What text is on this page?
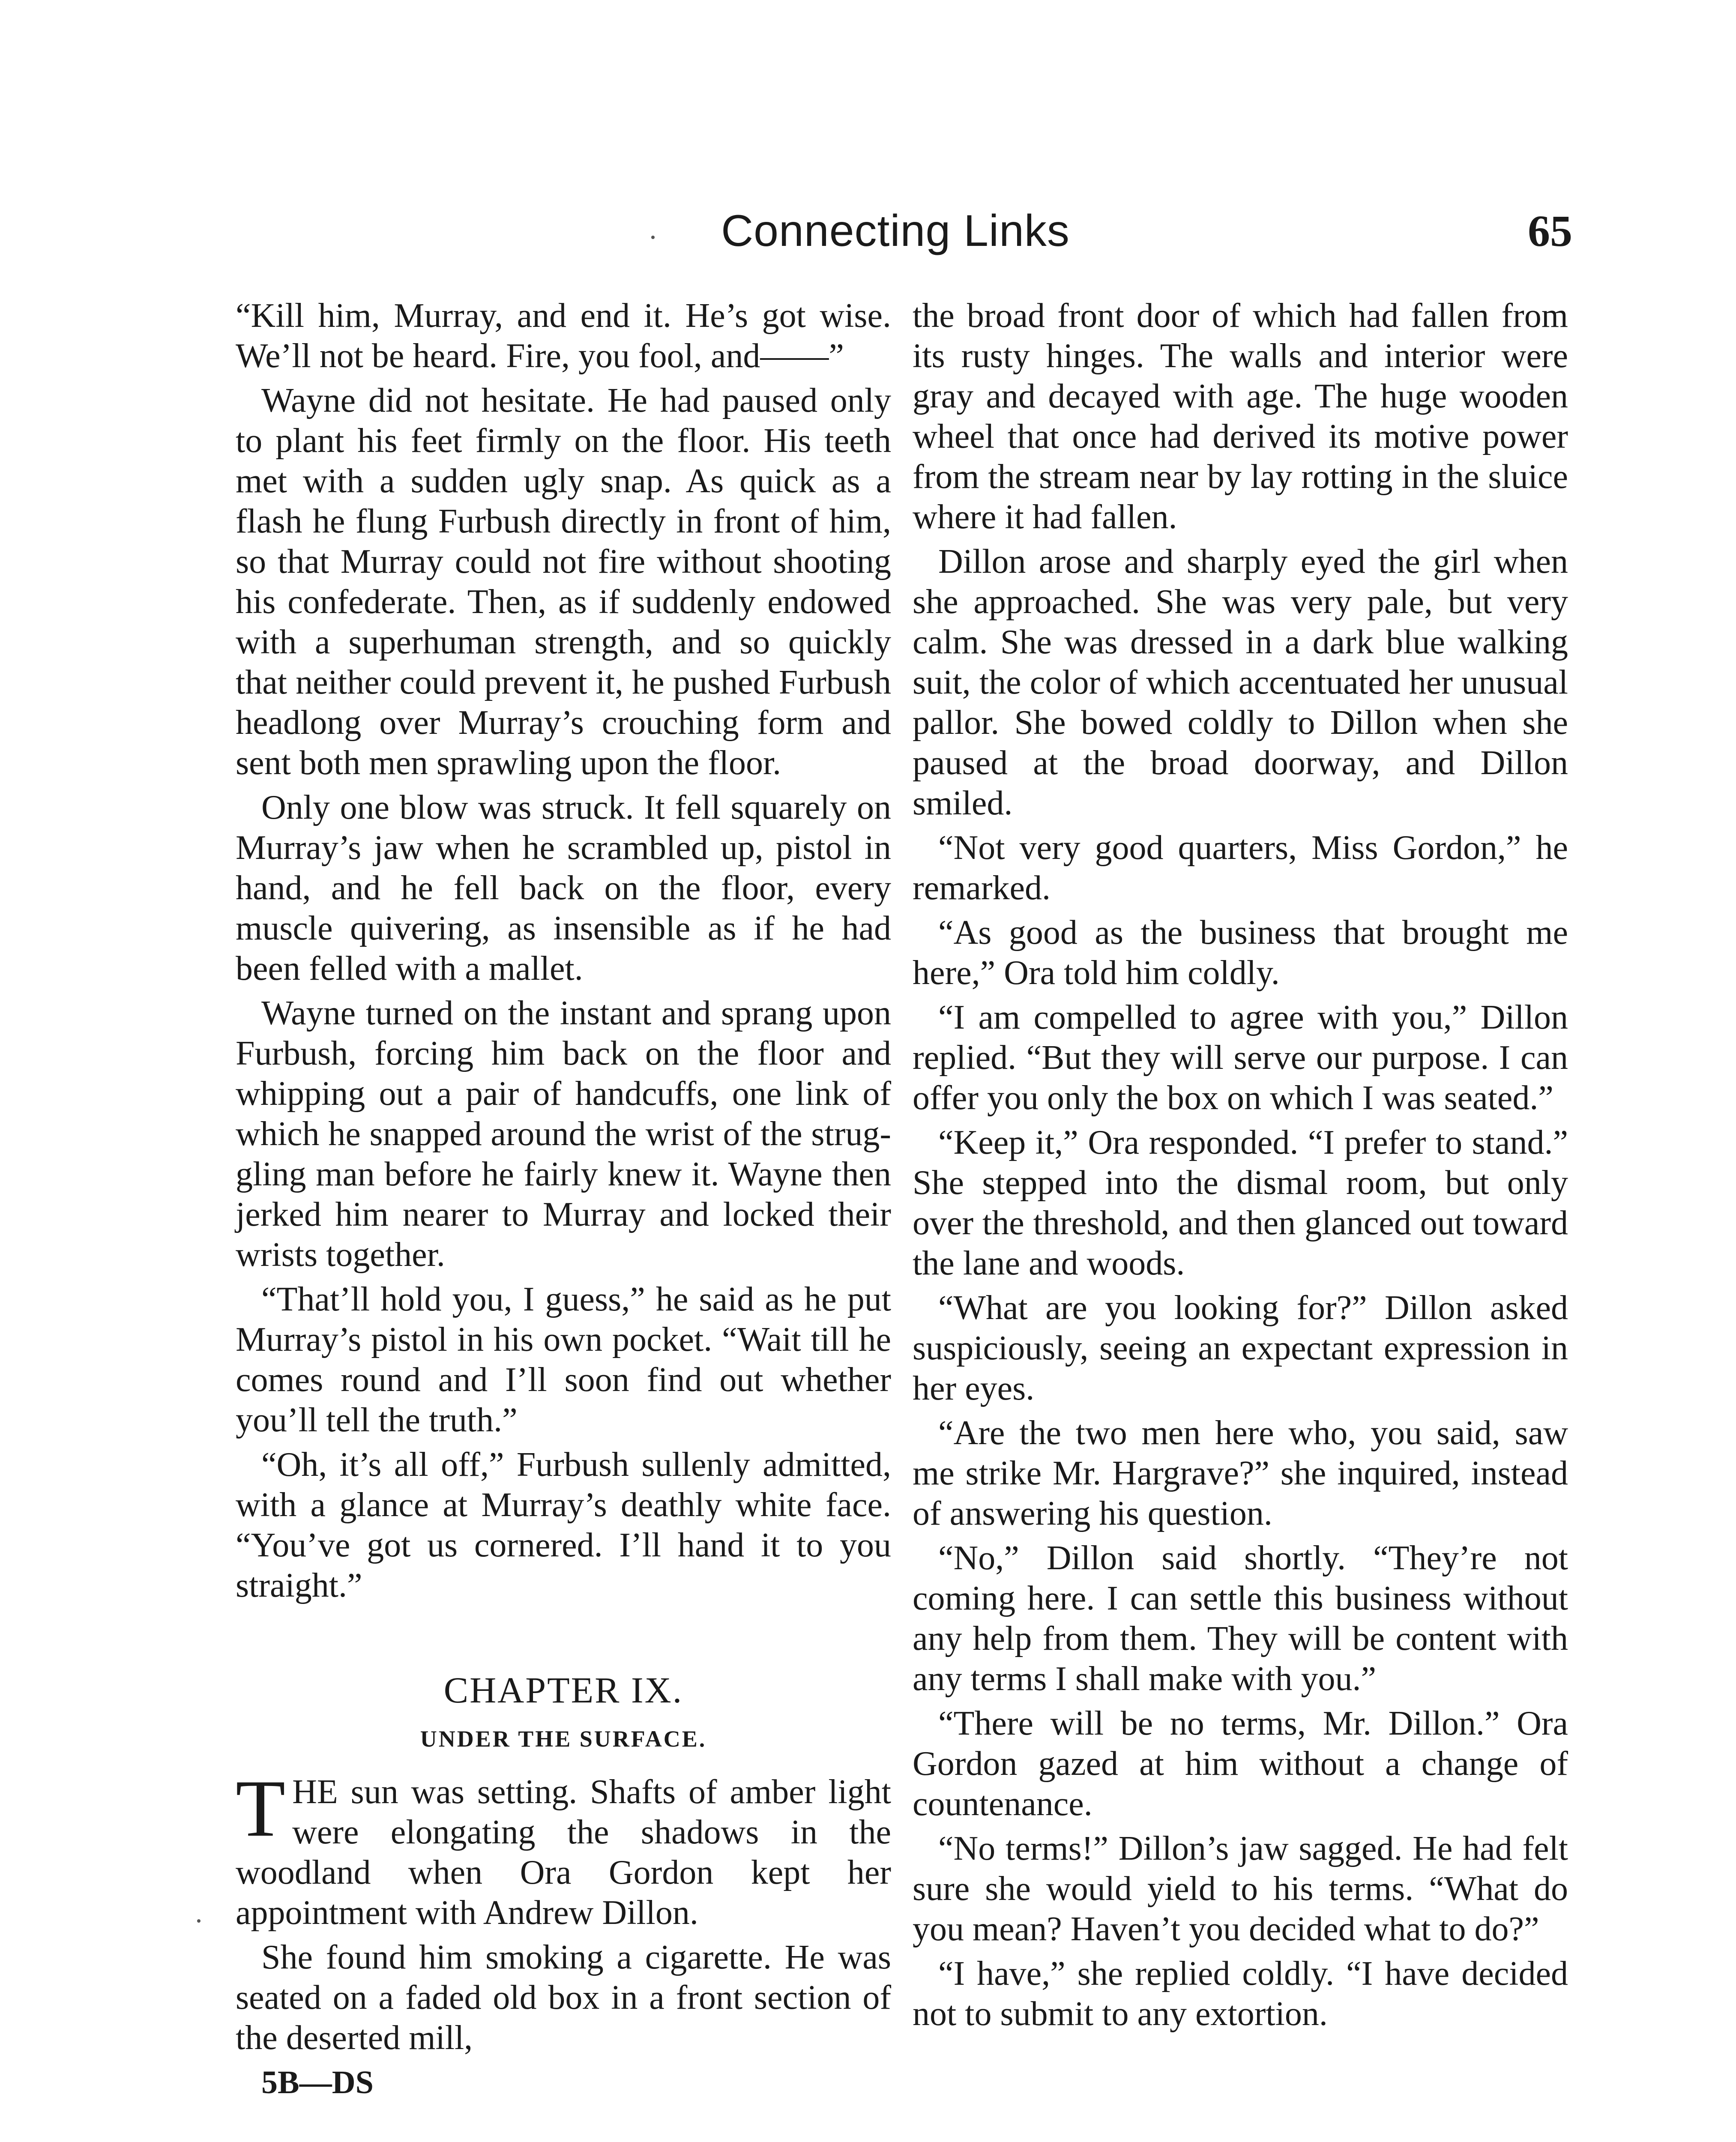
Connecting Links	65

“Kill him, Murray, and end it. He’s got wise. We’ll not be heard. Fire, you fool, and——”

Wayne did not hesitate. He had paused only to plant his feet firmly on the floor. His teeth met with a sudden ugly snap. As quick as a flash he flung Furbush directly in front of him, so that Murray could not fire without shooting his confederate. Then, as if suddenly endowed with a superhuman strength, and so quickly that neither could prevent it, he pushed Furbush headlong over Murray’s crouching form and sent both men sprawling upon the floor.

Only one blow was struck. It fell squarely on Murray’s jaw when he scrambled up, pistol in hand, and he fell back on the floor, every muscle quivering, as insensible as if he had been felled with a mallet.

Wayne turned on the instant and sprang upon Furbush, forcing him back on the floor and whipping out a pair of handcuffs, one link of which he snapped around the wrist of the struggling man before he fairly knew it. Wayne then jerked him nearer to Murray and locked their wrists together.

“That’ll hold you, I guess,” he said as he put Murray’s pistol in his own pocket. “Wait till he comes round and I’ll soon find out whether you’ll tell the truth.”

“Oh, it’s all off,” Furbush sullenly admitted, with a glance at Murray’s deathly white face. “You’ve got us cornered. I’ll hand it to you straight.”

CHAPTER IX.
UNDER THE SURFACE.

THE sun was setting. Shafts of amber light were elongating the shadows in the woodland when Ora Gordon kept her appointment with Andrew Dillon.

She found him smoking a cigarette. He was seated on a faded old box in a front section of the deserted mill,

5B—DS

the broad front door of which had fallen from its rusty hinges. The walls and interior were gray and decayed with age. The huge wooden wheel that once had derived its motive power from the stream near by lay rotting in the sluice where it had fallen.

Dillon arose and sharply eyed the girl when she approached. She was very pale, but very calm. She was dressed in a dark blue walking suit, the color of which accentuated her unusual pallor. She bowed coldly to Dillon when she paused at the broad doorway, and Dillon smiled.

“Not very good quarters, Miss Gordon,” he remarked.

“As good as the business that brought me here,” Ora told him coldly.

“I am compelled to agree with you,” Dillon replied. “But they will serve our purpose. I can offer you only the box on which I was seated.”

“Keep it,” Ora responded. “I prefer to stand.” She stepped into the dismal room, but only over the threshold, and then glanced out toward the lane and woods.

“What are you looking for?” Dillon asked suspiciously, seeing an expectant expression in her eyes.

“Are the two men here who, you said, saw me strike Mr. Hargrave?” she inquired, instead of answering his question.

“No,” Dillon said shortly. “They’re not coming here. I can settle this business without any help from them. They will be content with any terms I shall make with you.”

“There will be no terms, Mr. Dillon.” Ora Gordon gazed at him without a change of countenance.

“No terms!” Dillon’s jaw sagged. He had felt sure she would yield to his terms. “What do you mean? Haven’t you decided what to do?”

“I have,” she replied coldly. “I have decided not to submit to any extortion.
